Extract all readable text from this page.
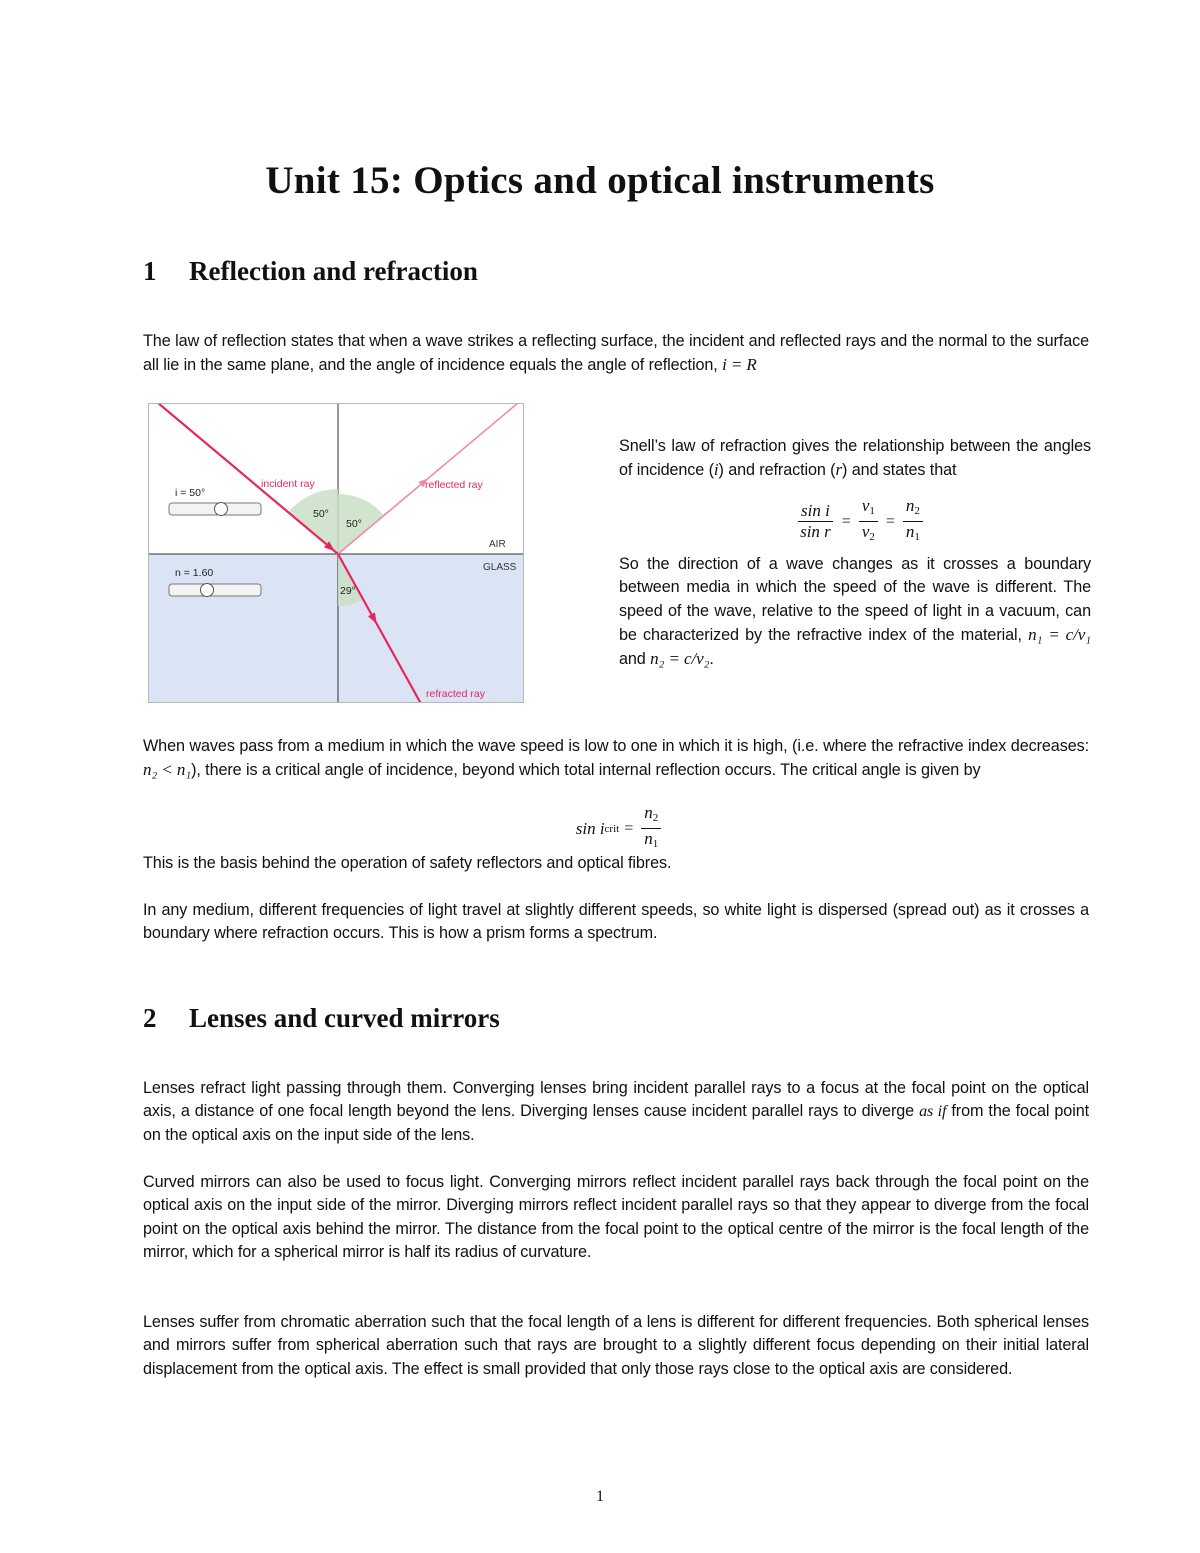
Unit 15: Optics and optical instruments
1 Reflection and refraction
The law of reflection states that when a wave strikes a reflecting surface, the incident and reflected rays and the normal to the surface all lie in the same plane, and the angle of incidence equals the angle of reflection, i = R
incident ray	reflected ray
refracted ray
50°
50°
29°
AIR
GLASS
i = 50°
n = 1.60
Snell’s law of refraction gives the relationship between the angles of incidence (i) and refraction (r) and states that
$\frac{\text{sin i}}{\text{sin r}} = \frac{v_1}{v_2} = \frac{n_2}{n_1}$
So the direction of a wave changes as it crosses a boundary between media in which the speed of the wave is different. The speed of the wave, relative to the speed of light in a vacuum, can be characterized by the refractive index of the material, n₁ = c/v₁ and n₂ = c/v₂.
When waves pass from a medium in which the wave speed is low to one in which it is high, (i.e. where the refractive index decreases: n₂ < n₁), there is a critical angle of incidence, beyond which total internal reflection occurs. The critical angle is given by
sin i crit = $\frac{n_2}{n_1}$
This is the basis behind the operation of safety reflectors and optical fibres.
In any medium, different frequencies of light travel at slightly different speeds, so white light is dispersed (spread out) as it crosses a boundary where refraction occurs. This is how a prism forms a spectrum.
2 Lenses and curved mirrors
Lenses refract light passing through them. Converging lenses bring incident parallel rays to a focus at the focal point on the optical axis, a distance of one focal length beyond the lens. Diverging lenses cause incident parallel rays to diverge as if from the focal point on the optical axis on the input side of the lens.
Curved mirrors can also be used to focus light. Converging mirrors reflect incident parallel rays back through the focal point on the optical axis on the input side of the mirror. Diverging mirrors reflect incident parallel rays so that they appear to diverge from the focal point on the optical axis behind the mirror. The distance from the focal point to the optical centre of the mirror is the focal length of the mirror, which for a spherical mirror is half its radius of curvature.
Lenses suffer from chromatic aberration such that the focal length of a lens is different for different frequencies. Both spherical lenses and mirrors suffer from spherical aberration such that rays are brought to a slightly different focus depending on their initial lateral displacement from the optical axis. The effect is small provided that only those rays close to the optical axis are considered.
1
